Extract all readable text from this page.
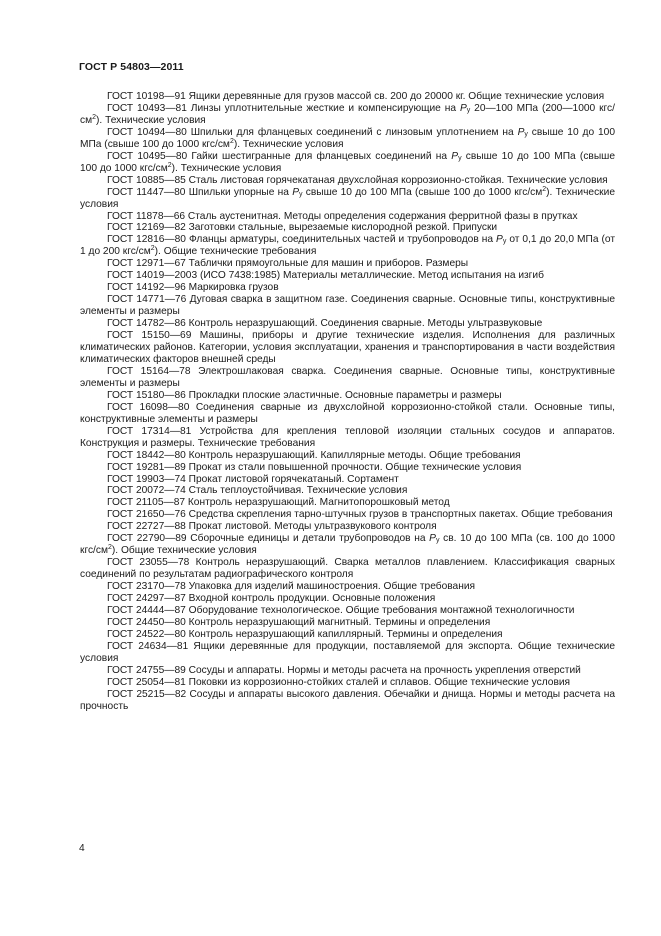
ГОСТ Р 54803—2011

ГОСТ 10198—91 Ящики деревянные для грузов массой св. 200 до 20000 кг. Общие технические условия

ГОСТ 10493—81 Линзы уплотнительные жесткие и компенсирующие на $P_у$ 20—100 МПа (200—1000 кгс/$см^2$). Технические условия

ГОСТ 10494—80 Шпильки для фланцевых соединений с линзовым уплотнением на $P_у$ свыше 10 до 100 МПа (свыше 100 до 1000 кгс/$см^2$). Технические условия

ГОСТ 10495—80 Гайки шестигранные для фланцевых соединений на $P_у$ свыше 10 до 100 МПа (свыше 100 до 1000 кгс/$см^2$). Технические условия

ГОСТ 10885—85 Сталь листовая горячекатаная двухслойная коррозионно-стойкая. Технические условия

ГОСТ 11447—80 Шпильки упорные на $P_у$ свыше 10 до 100 МПа (свыше 100 до 1000 кгс/$см^2$). Технические условия

ГОСТ 11878—66 Сталь аустенитная. Методы определения содержания ферритной фазы в прутках

ГОСТ 12169—82 Заготовки стальные, вырезаемые кислородной резкой. Припуски

ГОСТ 12816—80 Фланцы арматуры, соединительных частей и трубопроводов на $P_у$ от 0,1 до 20,0 МПа (от 1 до 200 кгс/$см^2$). Общие технические требования

ГОСТ 12971—67 Таблички прямоугольные для машин и приборов. Размеры

ГОСТ 14019—2003 (ИСО 7438:1985) Материалы металлические. Метод испытания на изгиб

ГОСТ 14192—96 Маркировка грузов

ГОСТ 14771—76 Дуговая сварка в защитном газе. Соединения сварные. Основные типы, конструктивные элементы и размеры

ГОСТ 14782—86 Контроль неразрушающий. Соединения сварные. Методы ультразвуковые

ГОСТ 15150—69 Машины, приборы и другие технические изделия. Исполнения для различных климатических районов. Категории, условия эксплуатации, хранения и транспортирования в части воздействия климатических факторов внешней среды

ГОСТ 15164—78 Электрошлаковая сварка. Соединения сварные. Основные типы, конструктивные элементы и размеры

ГОСТ 15180—86 Прокладки плоские эластичные. Основные параметры и размеры

ГОСТ 16098—80 Соединения сварные из двухслойной коррозионно-стойкой стали. Основные типы, конструктивные элементы и размеры

ГОСТ 17314—81 Устройства для крепления тепловой изоляции стальных сосудов и аппаратов. Конструкция и размеры. Технические требования

ГОСТ 18442—80 Контроль неразрушающий. Капиллярные методы. Общие требования

ГОСТ 19281—89 Прокат из стали повышенной прочности. Общие технические условия

ГОСТ 19903—74 Прокат листовой горячекатаный. Сортамент

ГОСТ 20072—74 Сталь теплоустойчивая. Технические условия

ГОСТ 21105—87 Контроль неразрушающий. Магнитопорошковый метод

ГОСТ 21650—76 Средства скрепления тарно-штучных грузов в транспортных пакетах. Общие требования

ГОСТ 22727—88 Прокат листовой. Методы ультразвукового контроля

ГОСТ 22790—89 Сборочные единицы и детали трубопроводов на $P_у$ св. 10 до 100 МПа (св. 100 до 1000 кгс/$см^2$). Общие технические условия

ГОСТ 23055—78 Контроль неразрушающий. Сварка металлов плавлением. Классификация сварных соединений по результатам радиографического контроля

ГОСТ 23170—78 Упаковка для изделий машиностроения. Общие требования

ГОСТ 24297—87 Входной контроль продукции. Основные положения

ГОСТ 24444—87 Оборудование технологическое. Общие требования монтажной технологичности

ГОСТ 24450—80 Контроль неразрушающий магнитный. Термины и определения

ГОСТ 24522—80 Контроль неразрушающий капиллярный. Термины и определения

ГОСТ 24634—81 Ящики деревянные для продукции, поставляемой для экспорта. Общие технические условия

ГОСТ 24755—89 Сосуды и аппараты. Нормы и методы расчета на прочность укрепления отверстий

ГОСТ 25054—81 Поковки из коррозионно-стойких сталей и сплавов. Общие технические условия

ГОСТ 25215—82 Сосуды и аппараты высокого давления. Обечайки и днища. Нормы и методы расчета на прочность

4
